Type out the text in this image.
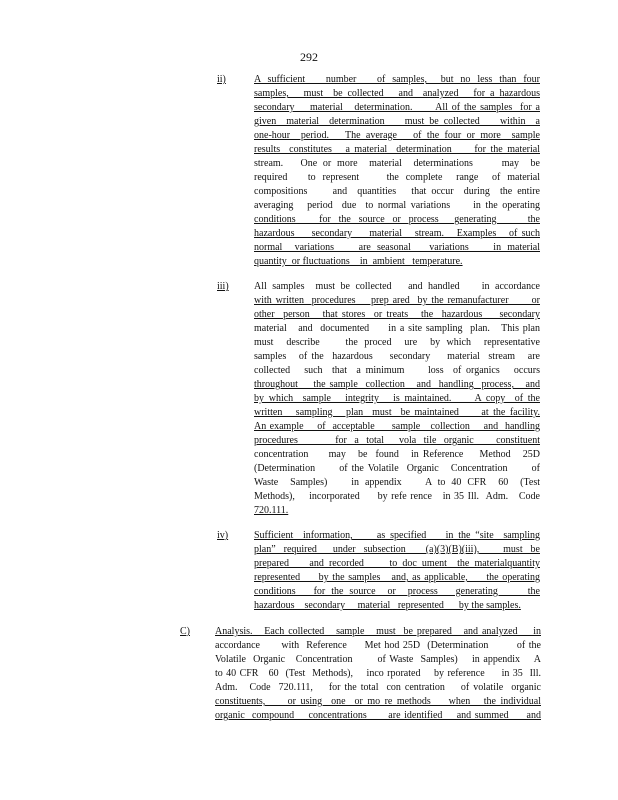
292
ii)	A sufficient   number   of samples,  but no less than four
samples,   must  be collected   and  analyzed   for a hazardous
secondary    material   determination.      All of the samples  for a
given  material  determination    must be collected    within  a
one-hour  period.   The average   of the four or more  sample
results  constitutes   a material  determination     for the material
stream.   One or more  material  determinations     may  be
required   to represent    the complete  range  of material
compositions     and  quantities   that occur  during  the entire
averaging   period  due  to normal variations     in the operating
conditions   for the source or process  generating    the
hazardous    secondary    material   stream.   Examples   of such
normal  variations    are seasonal   variations    in material
quantity  or fluctuations    in  ambient   temperature.
iii)	All samples  must be collected   and handled    in accordance
with written  procedures    prep ared  by the remanufacturer      or
other  person   that stores  or treats   the  hazardous    secondary
material   and  documented     in a site sampling  plan.   This plan
must  describe    the proced  ure  by which  representative
samples   of the  hazardous    secondary    material  stream   are
collected   such  that  a minimum     loss  of organics   occurs
throughout    the sample  collection   and  handling  process,   and
by which  sample   integrity   is maintained.     A copy  of the
written   sampling   plan  must  be maintained     at the facility.
An example    of  acceptable     sample   collection    and  handling
procedures     for a total  vola tile organic   constituent
concentration     may   be  found   in Reference    Method   25D
(Determination      of the Volatile  Organic   Concentration      of
Waste  Samples)    in appendix    A to 40 CFR  60  (Test
Methods),    incorporated     by refe rence   in 35 Ill.  Adm.   Code
720.111.
iv)	Sufficient  information,     as specified    in the “site  sampling
plan”  required    under  subsection     (a)(3)(B)(iii),      must  be
prepared    and recorded     to doc ument  the materialquantity
represented     by the samples   and, as applicable,     the operating
conditions   for the source  or  process   generating     the
hazardous    secondary     material   represented      by the samples.
C)	Analysis.   Each collected   sample   must  be prepared   and analyzed    in
accordance      with  Reference     Met hod 25D  (Determination        of the
Volatile  Organic   Concentration       of Waste  Samples)    in appendix    A
to 40 CFR   60  (Test  Methods),    inco rporated    by reference     in 35  Ill.
Adm.   Code  720.111,    for the total  con centration    of volatile  organic
constituents,     or using  one  or mo re methods    when   the individual
organic  compound    concentrations      are identified    and summed     and
